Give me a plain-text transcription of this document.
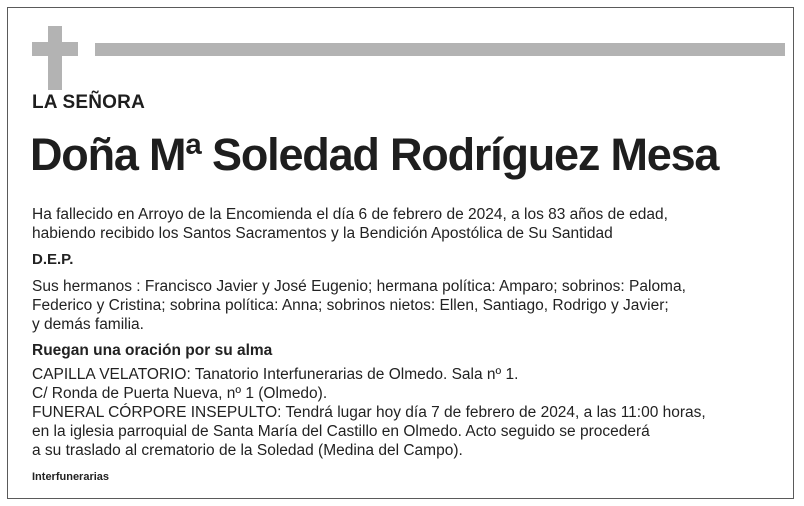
LA SEÑORA
Doña Mª Soledad Rodríguez Mesa
Ha fallecido en Arroyo de la Encomienda el día 6 de febrero de 2024, a los 83 años de edad,
habiendo recibido los Santos Sacramentos y la Bendición Apostólica de Su Santidad
D.E.P.
Sus hermanos : Francisco Javier y José Eugenio; hermana política: Amparo; sobrinos: Paloma,
Federico y Cristina; sobrina política: Anna; sobrinos nietos: Ellen, Santiago, Rodrigo y Javier;
y demás familia.
Ruegan una oración por su alma
CAPILLA VELATORIO: Tanatorio Interfunerarias de Olmedo. Sala nº 1.
C/ Ronda de Puerta Nueva, nº 1 (Olmedo).
FUNERAL CÓRPORE INSEPULTO: Tendrá lugar hoy día 7 de febrero de 2024, a las 11:00 horas,
en la iglesia parroquial de Santa María del Castillo en Olmedo. Acto seguido se procederá
a su traslado al crematorio de la Soledad (Medina del Campo).
Interfunerarias
